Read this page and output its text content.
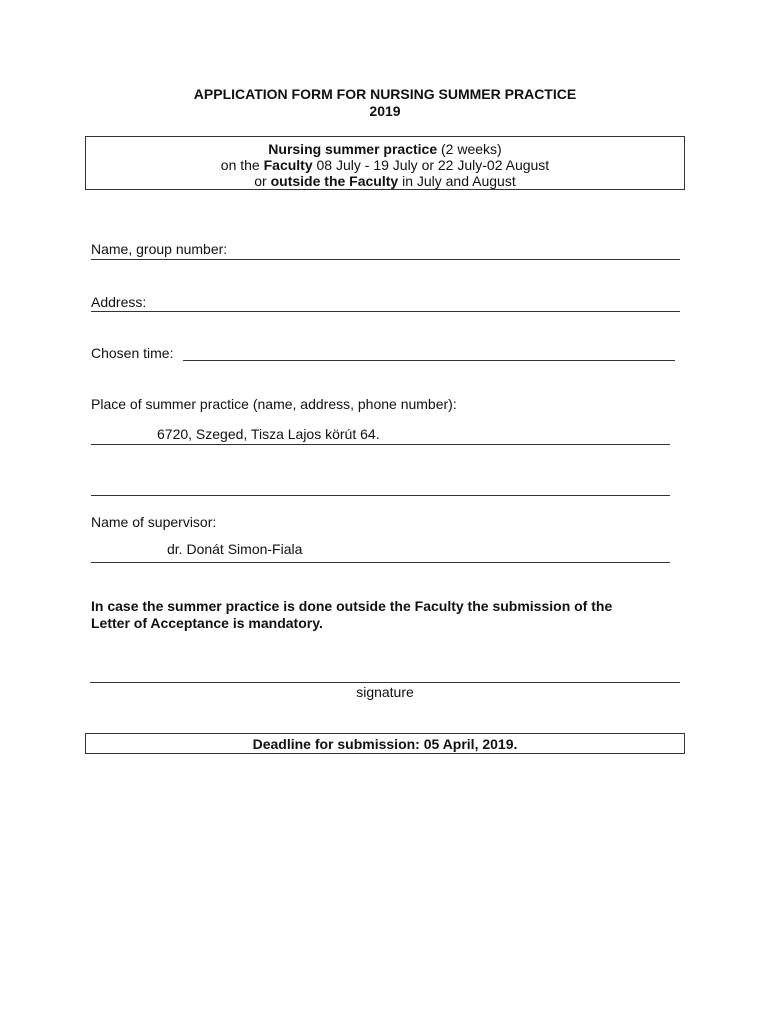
APPLICATION FORM FOR NURSING SUMMER PRACTICE
2019
Nursing summer practice (2 weeks)
on the Faculty 08 July - 19 July or 22 July-02 August
or outside the Faculty in July and August
Name, group number:
Address:
Chosen time:
Place of summer practice (name, address, phone number):
6720, Szeged, Tisza Lajos körút 64.
Name of supervisor:
dr. Donát Simon-Fiala
In case the summer practice is done outside the Faculty the submission of the
Letter of Acceptance is mandatory.
signature
Deadline for submission: 05 April, 2019.
